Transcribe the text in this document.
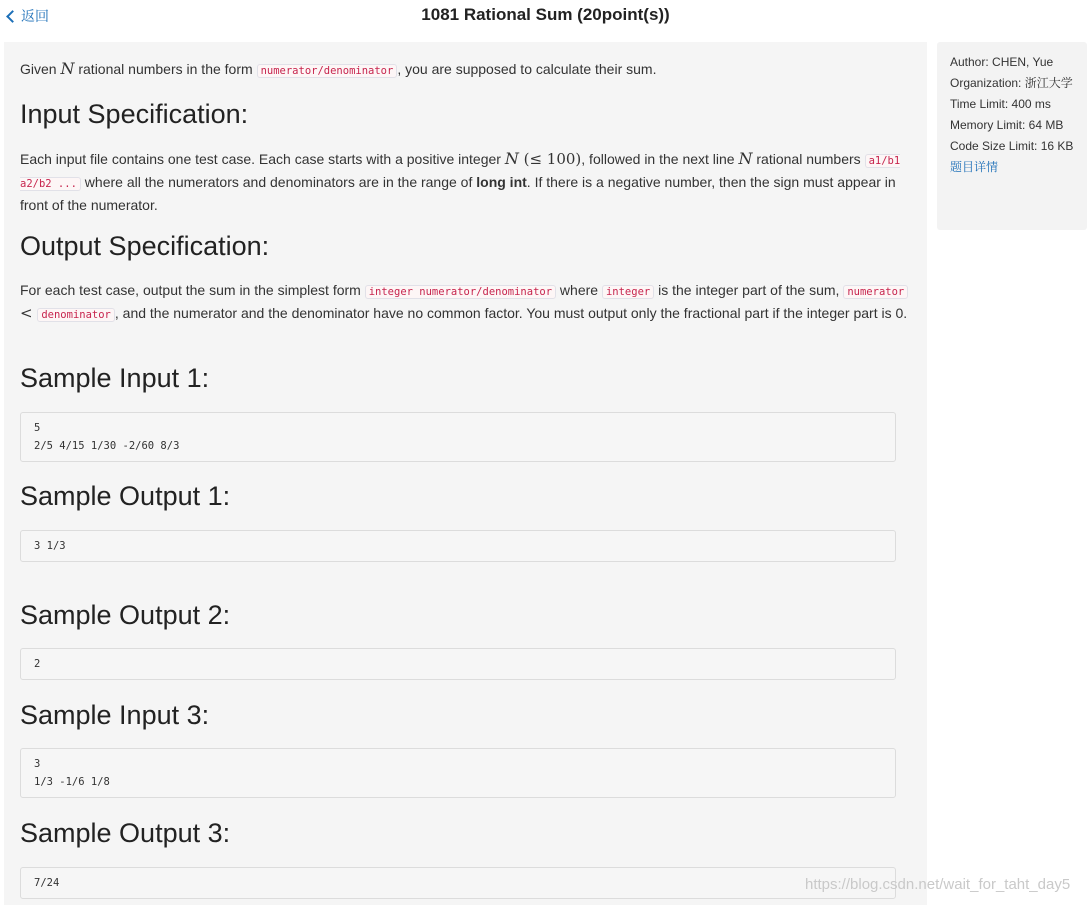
返回	1081 Rational Sum (20point(s))

Given N rational numbers in the form numerator/denominator , you are supposed to calculate their sum.

Input Specification:

Each input file contains one test case. Each case starts with a positive integer N (≤ 100), followed in the next line N rational numbers a1/b1 a2/b2 ... where all the numerators and denominators are in the range of long int. If there is a negative number, then the sign must appear in front of the numerator.

Output Specification:

For each test case, output the sum in the simplest form integer numerator/denominator where integer is the integer part of the sum, numerator < denominator , and the numerator and the denominator have no common factor. You must output only the fractional part if the integer part is 0.

Sample Input 1:
5
2/5 4/15 1/30 -2/60 8/3
Sample Output 1:
3 1/3
Sample Output 2:
2
Sample Input 3:
3
1/3 -1/6 1/8
Sample Output 3:
7/24
Author: CHEN, Yue
Organization: 浙江大学
Time Limit: 400 ms
Memory Limit: 64 MB
Code Size Limit: 16 KB
题目详情
https://blog.csdn.net/wait_for_taht_day5
